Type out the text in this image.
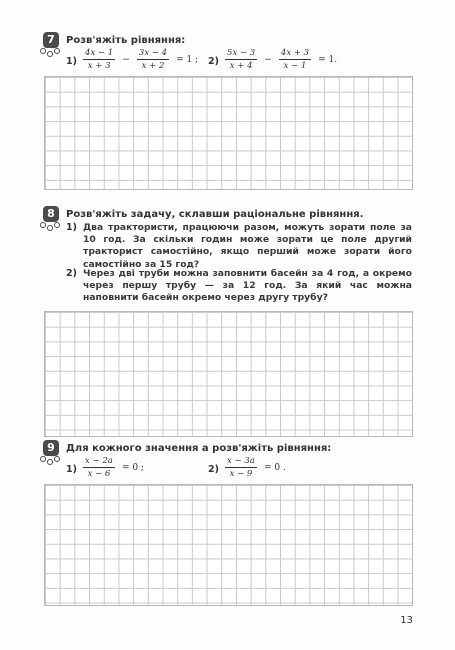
7	Розв'яжіть рівняння:
$1) \frac{4x - 1}{x + 3} - \frac{3x - 4}{x + 2} = 1$ ; $2) \frac{5x - 3}{x + 4} - \frac{4x + 3}{x - 1} = 1$.
8	Розв'яжіть задачу, склавши раціональне рівняння.
1) Два трактористи, працюючи разом, можуть зорати поле за 10 год. За скільки годин може зорати це поле другий тракторист самостійно, якщо перший може зорати його самостійно за 15 год?
2) Через дві труби можна заповнити басейн за 4 год, а окремо через першу трубу — за 12 год. За який час можна наповнити басейн окремо через другу трубу?
9	Для кожного значення a розв'яжіть рівняння:
$1) \frac{x - 2a}{x - 6} = 0$ ;	$2) \frac{x - 3a}{x - 9} = 0$ .
13
